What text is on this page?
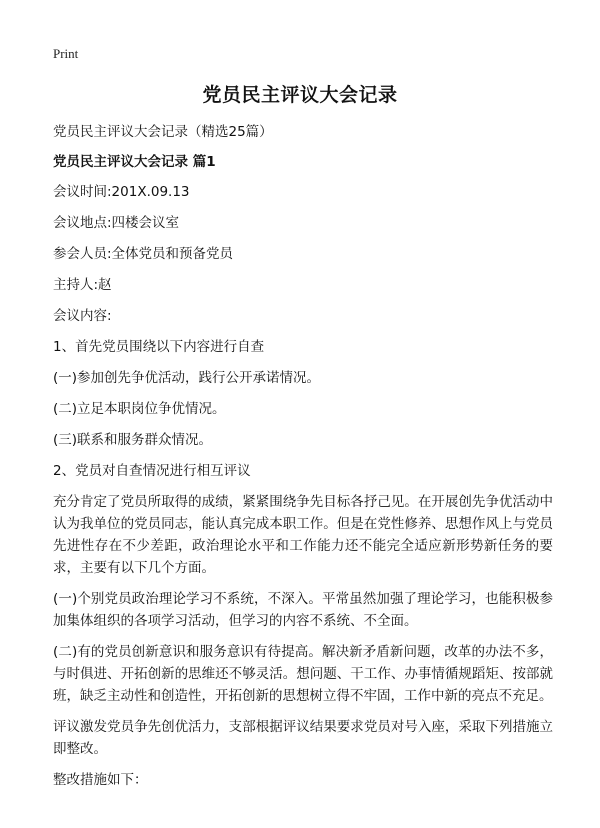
Print
党员民主评议大会记录

党员民主评议大会记录（精选25篇）

党员民主评议大会记录 篇1

会议时间:201X.09.13

会议地点:四楼会议室

参会人员:全体党员和预备党员

主持人:赵

会议内容:

1、首先党员围绕以下内容进行自查

(一)参加创先争优活动，践行公开承诺情况。

(二)立足本职岗位争优情况。

(三)联系和服务群众情况。

2、党员对自查情况进行相互评议

充分肯定了党员所取得的成绩，紧紧围绕争先目标各抒己见。在开展创先争优活动中认为我单位的党员同志，能认真完成本职工作。但是在党性修养、思想作风上与党员先进性存在不少差距，政治理论水平和工作能力还不能完全适应新形势新任务的要求，主要有以下几个方面。

(一)个别党员政治理论学习不系统，不深入。平常虽然加强了理论学习，也能积极参加集体组织的各项学习活动，但学习的内容不系统、不全面。

(二)有的党员创新意识和服务意识有待提高。解决新矛盾新问题，改革的办法不多，与时俱进、开拓创新的思维还不够灵活。想问题、干工作、办事情循规蹈矩、按部就班，缺乏主动性和创造性，开拓创新的思想树立得不牢固，工作中新的亮点不充足。

评议激发党员争先创优活力，支部根据评议结果要求党员对号入座，采取下列措施立即整改。

整改措施如下：
